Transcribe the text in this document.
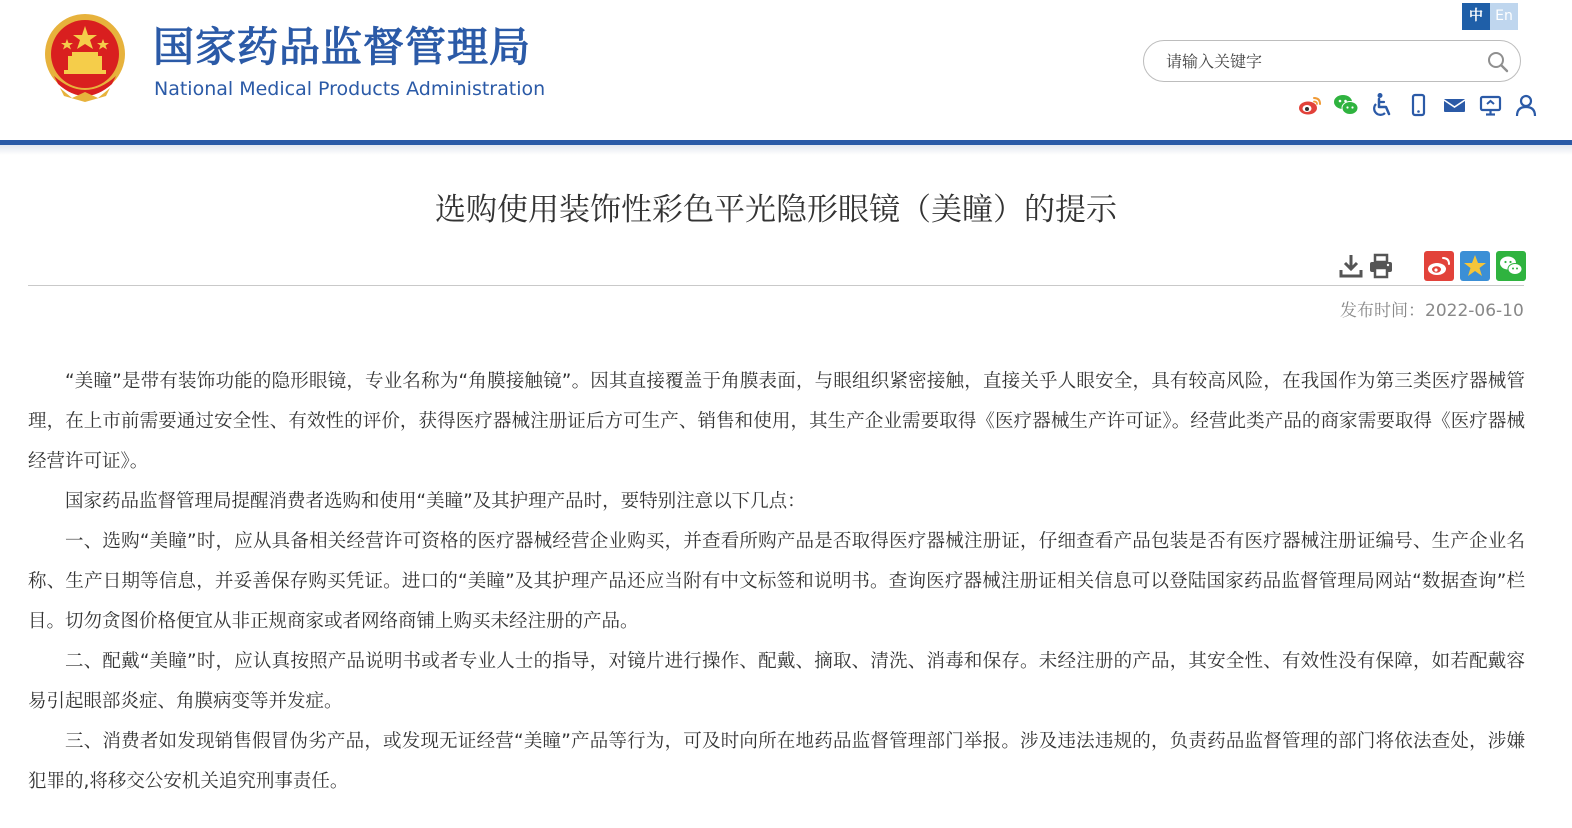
国家药品监督管理局
National Medical Products Administration
中 En
请输入关键字
选购使用装饰性彩色平光隐形眼镜（美瞳）的提示
发布时间：2022-06-10

“美瞳”是带有装饰功能的隐形眼镜，专业名称为“角膜接触镜”。因其直接覆盖于角膜表面，与眼组织紧密接触，直接关乎人眼安全，具有较高风险，在我国作为第三类医疗器械管理，在上市前需要通过安全性、有效性的评价，获得医疗器械注册证后方可生产、销售和使用，其生产企业需要取得《医疗器械生产许可证》。经营此类产品的商家需要取得《医疗器械经营许可证》。

国家药品监督管理局提醒消费者选购和使用“美瞳”及其护理产品时，要特别注意以下几点：

一、选购“美瞳”时，应从具备相关经营许可资格的医疗器械经营企业购买，并查看所购产品是否取得医疗器械注册证，仔细查看产品包装是否有医疗器械注册证编号、生产企业名称、生产日期等信息，并妥善保存购买凭证。进口的“美瞳”及其护理产品还应当附有中文标签和说明书。查询医疗器械注册证相关信息可以登陆国家药品监督管理局网站“数据查询”栏目。切勿贪图价格便宜从非正规商家或者网络商铺上购买未经注册的产品。

二、配戴“美瞳”时，应认真按照产品说明书或者专业人士的指导，对镜片进行操作、配戴、摘取、清洗、消毒和保存。未经注册的产品，其安全性、有效性没有保障，如若配戴容易引起眼部炎症、角膜病变等并发症。

三、消费者如发现销售假冒伪劣产品，或发现无证经营“美瞳”产品等行为，可及时向所在地药品监督管理部门举报。涉及违法违规的，负责药品监督管理的部门将依法查处，涉嫌犯罪的,将移交公安机关追究刑事责任。
